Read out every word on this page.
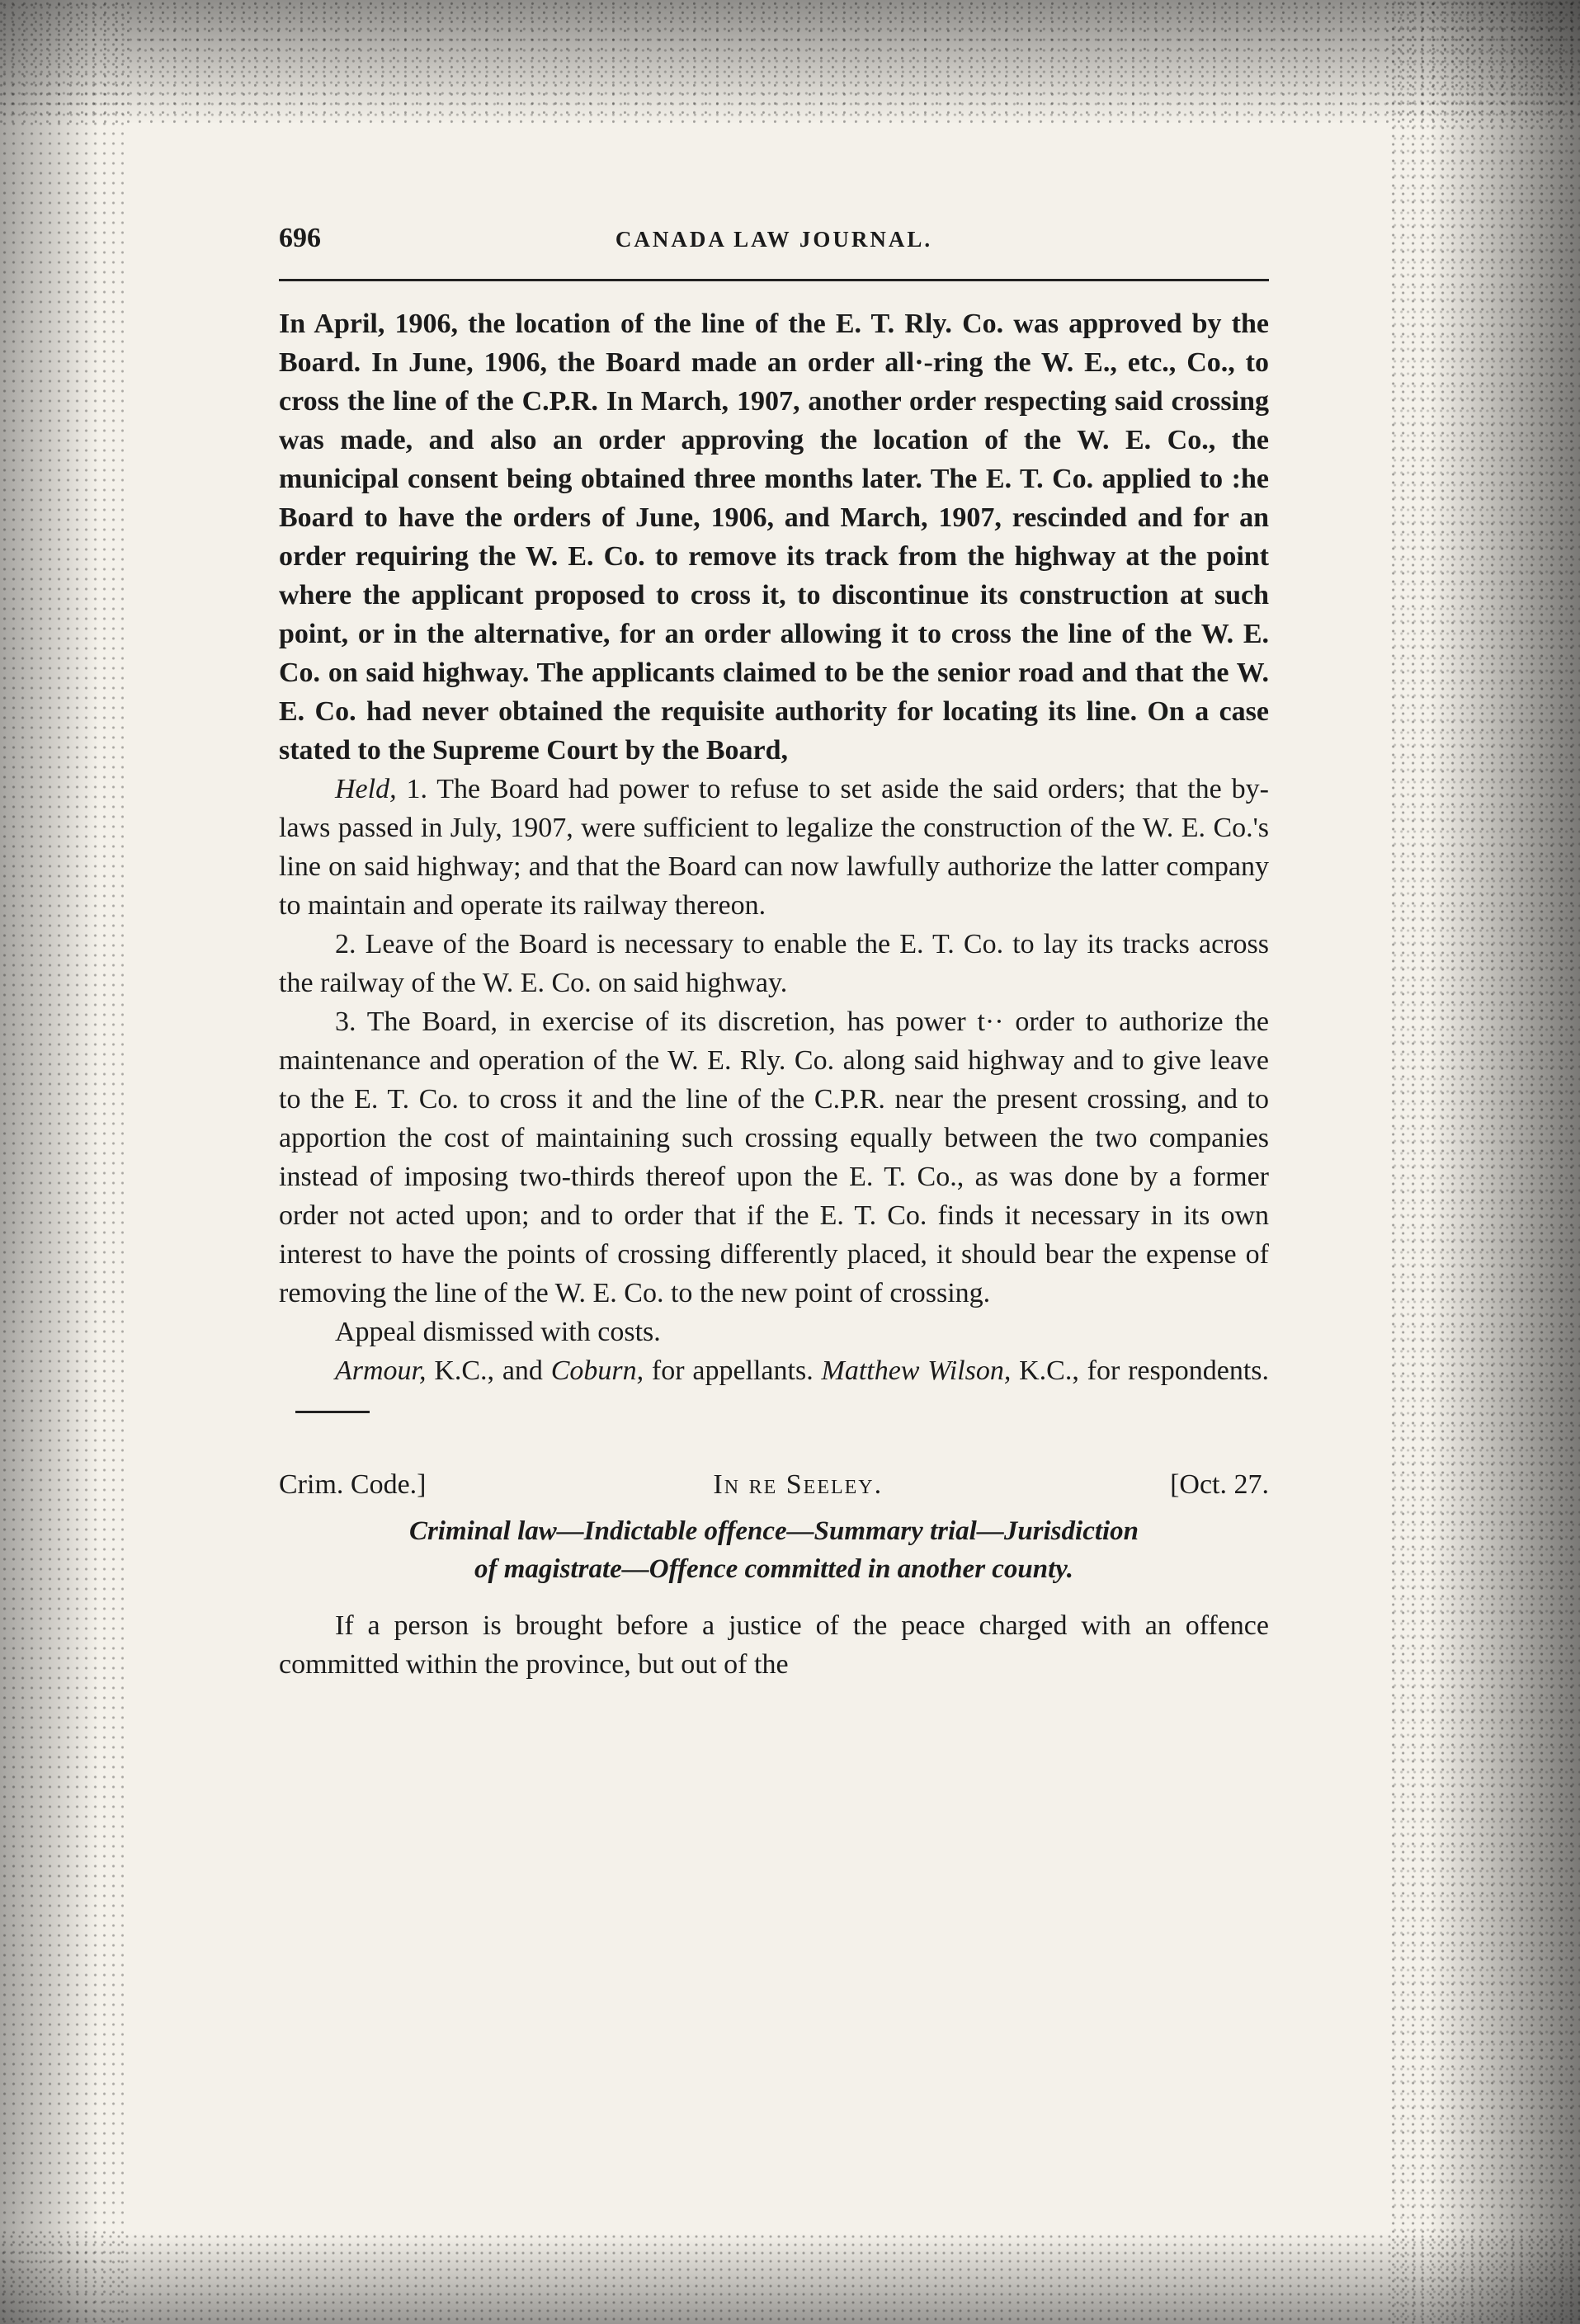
696	CANADA LAW JOURNAL.

In April, 1906, the location of the line of the E. T. Rly. Co. was approved by the Board. In June, 1906, the Board made an order all·‑ring the W. E., etc., Co., to cross the line of the C.P.R. In March, 1907, another order respecting said crossing was made, and also an order approving the location of the W. E. Co., the municipal consent being obtained three months later. The E. T. Co. applied to :he Board to have the orders of June, 1906, and March, 1907, rescinded and for an order requiring the W. E. Co. to remove its track from the highway at the point where the applicant proposed to cross it, to discontinue its construction at such point, or in the alternative, for an order allowing it to cross the line of the W. E. Co. on said highway. The applicants claimed to be the senior road and that the W. E. Co. had never obtained the requisite authority for locating its line. On a case stated to the Supreme Court by the Board,

Held, 1. The Board had power to refuse to set aside the said orders; that the by-laws passed in July, 1907, were sufficient to legalize the construction of the W. E. Co.'s line on said highway; and that the Board can now lawfully authorize the latter company to maintain and operate its railway thereon.

2. Leave of the Board is necessary to enable the E. T. Co. to lay its tracks across the railway of the W. E. Co. on said highway.

3. The Board, in exercise of its discretion, has power t·· order to authorize the maintenance and operation of the W. E. Rly. Co. along said highway and to give leave to the E. T. Co. to cross it and the line of the C.P.R. near the present crossing, and to apportion the cost of maintaining such crossing equally between the two companies instead of imposing two-thirds thereof upon the E. T. Co., as was done by a former order not acted upon; and to order that if the E. T. Co. finds it necessary in its own interest to have the points of crossing differently placed, it should bear the expense of removing the line of the W. E. Co. to the new point of crossing.

Appeal dismissed with costs.

Armour, K.C., and Coburn, for appellants. Matthew Wilson, K.C., for respondents.

Crim. Code.]	In re Seeley.	[Oct. 27.
Criminal law—Indictable offence—Summary trial—Jurisdiction
of magistrate—Offence committed in another county.

If a person is brought before a justice of the peace charged with an offence committed within the province, but out of the
